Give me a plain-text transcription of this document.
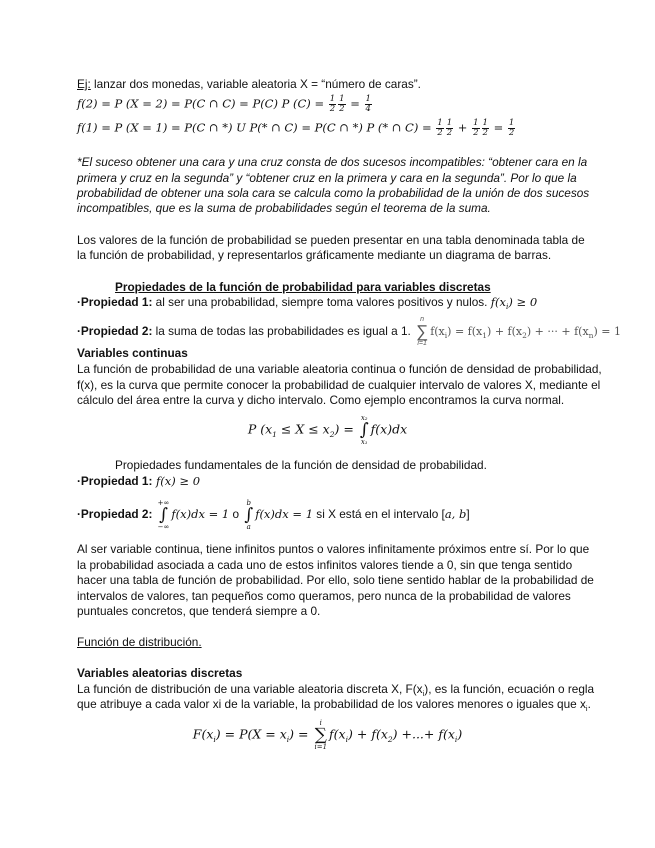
Ej: lanzar dos monedas, variable aleatoria X = “número de caras”.
f(2) = P (X = 2) = P(C ∩ C) = P(C) P $(C) = \frac{1}{2} \frac{1}{2} = \frac{1}{4}$
f(1) = P (X = 1) = P(C ∩ *) U P(* ∩ C) = P(C ∩ *) P (* ∩ $C) = \frac{1}{2} \frac{1}{2} + \frac{1}{2} \frac{1}{2} = \frac{1}{2}$
*El suceso obtener una cara y una cruz consta de dos sucesos incompatibles: “obtener cara en la
primera y cruz en la segunda” y “obtener cruz en la primera y cara en la segunda”. Por lo que la
probabilidad de obtener una sola cara se calcula como la probabilidad de la unión de dos sucesos
incompatibles, que es la suma de probabilidades según el teorema de la suma.
Los valores de la función de probabilidad se pueden presentar en una tabla denominada tabla de
la función de probabilidad, y representarlos gráficamente mediante un diagrama de barras.
Propiedades de la función de probabilidad para variables discretas
·Propiedad 1: al ser una probabilidad, siempre toma valores positivos y nulos. $f(x_i) \ge 0$
·Propiedad 2: la suma de todas las probabilidades es igual a 1.
n
∑
i=1
$f(x_i) = f(x_1) + f(x_2)$ + ··· + $f(x_n) = 1$
Variables continuas
La función de probabilidad de una variable aleatoria continua o función de densidad de probabilidad,
f(x), es la curva que permite conocer la probabilidad de cualquier intervalo de valores X, mediante el
cálculo del área entre la curva y dicho intervalo. Como ejemplo encontramos la curva normal.
P $(x_1 \le X \le x_2)$ =
x₂
∫
x₁
f(x)dx
Propiedades fundamentales de la función de densidad de probabilidad.
·Propiedad 1: f(x) ≥ 0
·Propiedad 2:
+∞
∫
−∞
f(x)dx = 1 o
b
∫
a
f(x)dx = 1 si X está en el intervalo [a, b]
Al ser variable continua, tiene infinitos puntos o valores infinitamente próximos entre sí. Por lo que
la probabilidad asociada a cada uno de estos infinitos valores tiende a 0, sin que tenga sentido
hacer una tabla de función de probabilidad. Por ello, solo tiene sentido hablar de la probabilidad de
intervalos de valores, tan pequeños como queramos, pero nunca de la probabilidad de valores
puntuales concretos, que tenderá siempre a 0.
Función de distribución.
Variables aleatorias discretas
La función de distribución de una variable aleatoria discreta X, $F(x_i)$, es la función, ecuación o regla
que atribuye a cada valor xi de la variable, la probabilidad de los valores menores o iguales que $x_i$.
$F(x_i) = P(X = x_i)$ =
i
∑
i=1
$f(x_i) + f(x_2)$ +...+ $f(x_i)$
